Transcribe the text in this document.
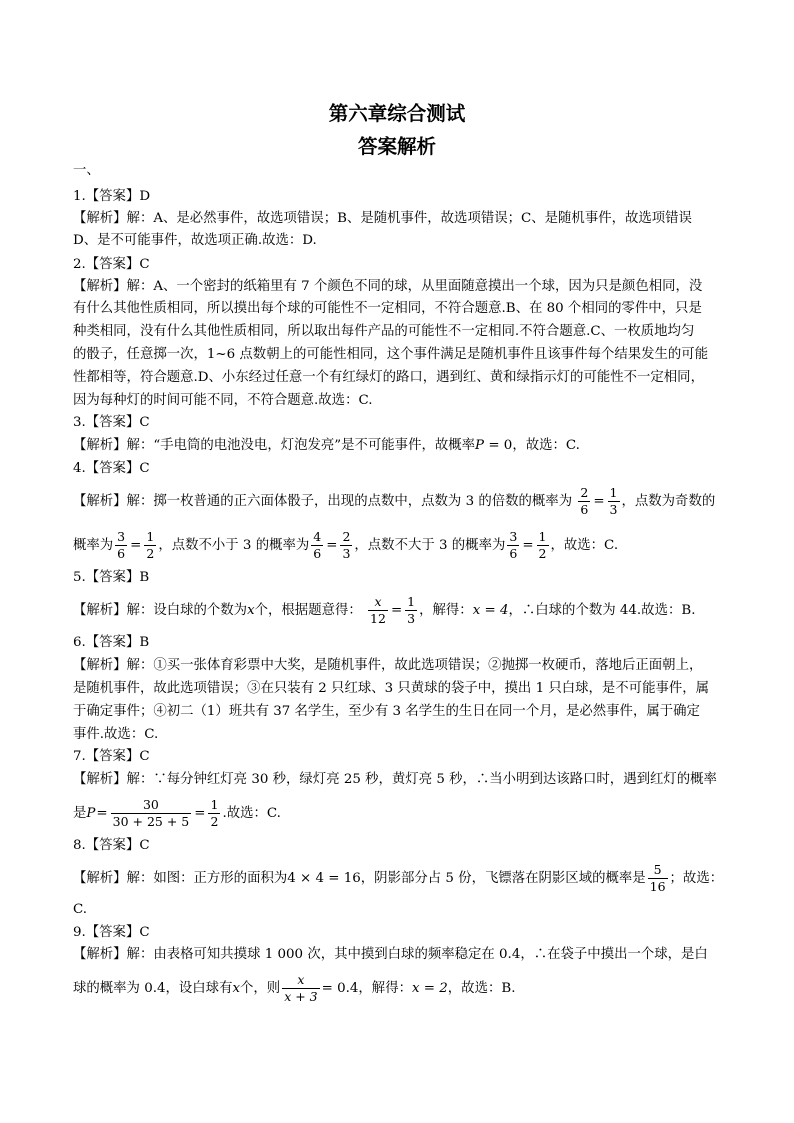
第六章综合测试
答案解析
一、
1.【答案】D
【解析】解：A、是必然事件，故选项错误；B、是随机事件，故选项错误；C、是随机事件，故选项错误
D、是不可能事件，故选项正确.故选：D.
2.【答案】C
【解析】解：A、一个密封的纸箱里有 7 个颜色不同的球，从里面随意摸出一个球，因为只是颜色相同，没
有什么其他性质相同，所以摸出每个球的可能性不一定相同，不符合题意.B、在 80 个相同的零件中，只是
种类相同，没有什么其他性质相同，所以取出每件产品的可能性不一定相同.不符合题意.C、一枚质地均匀
的骰子，任意掷一次，1~6 点数朝上的可能性相同，这个事件满足是随机事件且该事件每个结果发生的可能
性都相等，符合题意.D、小东经过任意一个有红绿灯的路口，遇到红、黄和绿指示灯的可能性不一定相同，
因为每种灯的时间可能不同，不符合题意.故选：C.
3.【答案】C
【解析】解：“手电筒的电池没电，灯泡发亮”是不可能事件，故概率P = 0，故选：C.
4.【答案】C
【解析】解：掷一枚普通的正六面体骰子，出现的点数中，点数为 3 的倍数的概率为 $\frac{2}{6} = \frac{1}{3}$ ，点数为奇数的
概率为 $\frac{3}{6} = \frac{1}{2}$ ，点数不小于 3 的概率为 $\frac{4}{6} = \frac{2}{3}$ ，点数不大于 3 的概率为 $\frac{3}{6} = \frac{1}{2}$ ，故选：C.
5.【答案】B
【解析】解：设白球的个数为x个，根据题意得： $\frac{x}{12} = \frac{1}{3}$ ，解得：x = 4，∴白球的个数为 44.故选：B.
6.【答案】B
【解析】解：①买一张体育彩票中大奖，是随机事件，故此选项错误；②抛掷一枚硬币，落地后正面朝上，
是随机事件，故此选项错误；③在只装有 2 只红球、3 只黄球的袋子中，摸出 1 只白球，是不可能事件，属
于确定事件；④初二（1）班共有 37 名学生，至少有 3 名学生的生日在同一个月，是必然事件，属于确定
事件.故选：C.
7.【答案】C
【解析】解：∵每分钟红灯亮 30 秒，绿灯亮 25 秒，黄灯亮 5 秒，∴当小明到达该路口时，遇到红灯的概率
是$P= \frac{30}{30 + 25 + 5} = \frac{1}{2}$ .故选：C.
8.【答案】C
【解析】解：如图：正方形的面积为4 × 4 = 16，阴影部分占 5 份，飞镖落在阴影区域的概率是 $\frac{5}{16}$ ；故选：
C.
9.【答案】C
【解析】解：由表格可知共摸球 1 000 次，其中摸到白球的频率稳定在 0.4，∴在袋子中摸出一个球，是白
球的概率为 0.4，设白球有x个，则 $\frac{x}{x + 3} = 0.4$，解得：x = 2，故选：B.
